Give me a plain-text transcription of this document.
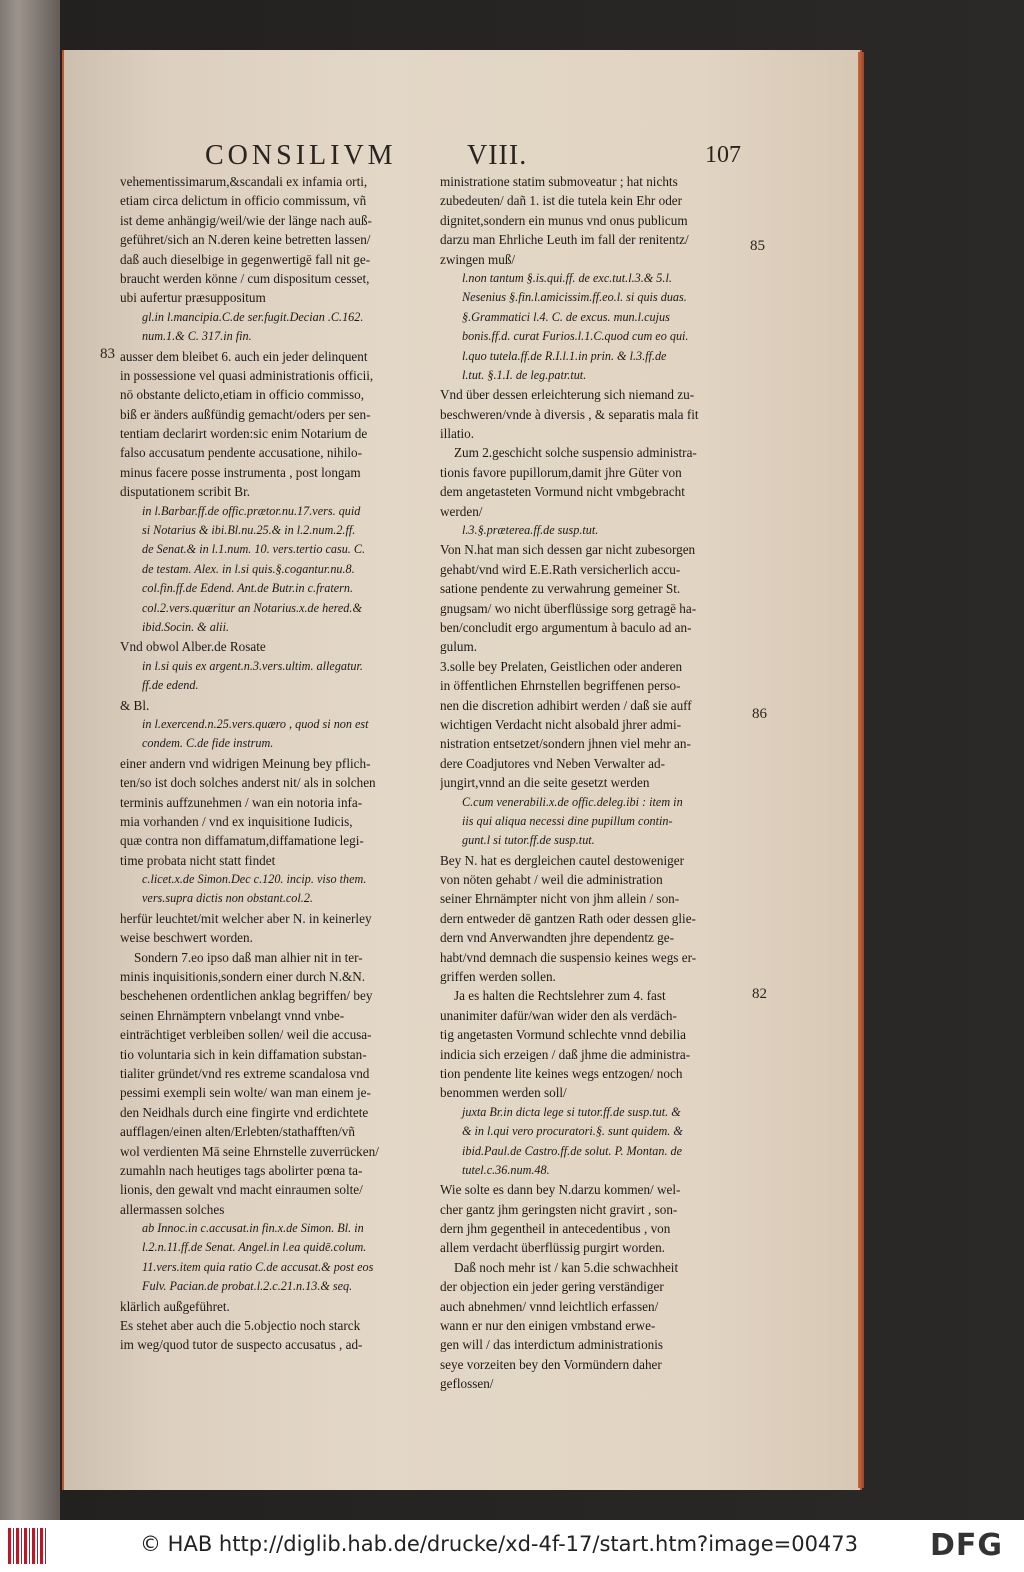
CONSILIVM	VIII.	107
vehementissimarum,&scandali ex infamia orti,
etiam circa delictum in officio commissum, vñ
ist deme anhängig/weil/wie der länge nach auß-
geführet/sich an N.deren keine betretten lassen/
daß auch dieselbige in gegenwertigē fall nit ge-
braucht werden könne / cum dispositum cesset,
ubi aufertur præsuppositum
gl.in l.mancipia.C.de ser.fugit.Decian .C.162.
num.1.& C. 317.in fin.
ausser dem bleibet 6. auch ein jeder delinquent
in possessione vel quasi administrationis officii,
nō obstante delicto,etiam in officio commisso,
biß er änders außfündig gemacht/oders per sen-
tentiam declarirt worden:sic enim Notarium de
falso accusatum pendente accusatione, nihilo-
minus facere posse instrumenta , post longam
disputationem scribit Br.
in l.Barbar.ff.de offic.prætor.nu.17.vers. quid
si Notarius & ibi.Bl.nu.25.& in l.2.num.2.ff.
de Senat.& in l.1.num. 10. vers.tertio casu. C.
de testam. Alex. in l.si quis.§.cogantur.nu.8.
col.fin.ff.de Edend. Ant.de Butr.in c.fratern.
col.2.vers.quæritur an Notarius.x.de hered.&
ibid.Socin. & alii.
Vnd obwol Alber.de Rosate
in l.si quis ex argent.n.3.vers.ultim. allegatur.
ff.de edend.
& Bl.
in l.exercend.n.25.vers.quæro , quod si non est
condem. C.de fide instrum.
einer andern vnd widrigen Meinung bey pflich-
ten/so ist doch solches anderst nit/ als in solchen
terminis auffzunehmen / wan ein notoria infa-
mia vorhanden / vnd ex inquisitione Iudicis,
quæ contra non diffamatum,diffamatione legi-
time probata nicht statt findet
c.licet.x.de Simon.Dec c.120. incip. viso them.
vers.supra dictis non obstant.col.2.
herfür leuchtet/mit welcher aber N. in keinerley
weise beschwert worden.
Sondern 7.eo ipso daß man alhier nit in ter-
minis inquisitionis,sondern einer durch N.&N.
beschehenen ordentlichen anklag begriffen/ bey
seinen Ehrnämptern vnbelangt vnnd vnbe-
einträchtiget verbleiben sollen/ weil die accusa-
tio voluntaria sich in kein diffamation substan-
tialiter gründet/vnd res extreme scandalosa vnd
pessimi exempli sein wolte/ wan man einem je-
den Neidhals durch eine fingirte vnd erdichtete
aufflagen/einen alten/Erlebten/stathafften/vñ
wol verdienten Mā seine Ehrnstelle zuverrücken/
zumahln nach heutiges tags abolirter pœna ta-
lionis, den gewalt vnd macht einraumen solte/
allermassen solches
ab Innoc.in c.accusat.in fin.x.de Simon. Bl. in
l.2.n.11.ff.de Senat. Angel.in l.ea quidē.colum.
11.vers.item quia ratio C.de accusat.& post eos
Fulv. Pacian.de probat.l.2.c.21.n.13.& seq.
klärlich außgeführet.
Es stehet aber auch die 5.objectio noch starck
im weg/quod tutor de suspecto accusatus , ad-
ministratione statim submoveatur ; hat nichts
zubedeuten/ dañ 1. ist die tutela kein Ehr oder
dignitet,sondern ein munus vnd onus publicum
darzu man Ehrliche Leuth im fall der renitentz/
zwingen muß/
l.non tantum §.is.qui.ff. de exc.tut.l.3.& 5.l.
Nesenius §.fin.l.amicissim.ff.eo.l. si quis duas.
§.Grammatici l.4. C. de excus. mun.l.cujus
bonis.ff.d. curat Furios.l.1.C.quod cum eo qui.
l.quo tutela.ff.de R.I.l.1.in prin. & l.3.ff.de
l.tut. §.1.I. de leg.patr.tut.
Vnd über dessen erleichterung sich niemand zu-
beschweren/vnde à diversis , & separatis mala fit
illatio.
Zum 2.geschicht solche suspensio administra-
tionis favore pupillorum,damit jhre Güter von
dem angetasteten Vormund nicht vmbgebracht
werden/
l.3.§.præterea.ff.de susp.tut.
Von N.hat man sich dessen gar nicht zubesorgen
gehabt/vnd wird E.E.Rath versicherlich accu-
satione pendente zu verwahrung gemeiner St.
gnugsam/ wo nicht überflüssige sorg getragē ha-
ben/concludit ergo argumentum à baculo ad an-
gulum.
3.solle bey Prelaten, Geistlichen oder anderen
in öffentlichen Ehrnstellen begriffenen perso-
nen die discretion adhibirt werden / daß sie auff
wichtigen Verdacht nicht alsobald jhrer admi-
nistration entsetzet/sondern jhnen viel mehr an-
dere Coadjutores vnd Neben Verwalter ad-
jungirt,vnnd an die seite gesetzt werden
C.cum venerabili.x.de offic.deleg.ibi : item in
iis qui aliqua necessi dine pupillum contin-
gunt.l si tutor.ff.de susp.tut.
Bey N. hat es dergleichen cautel destoweniger
von nöten gehabt / weil die administration
seiner Ehrnämpter nicht von jhm allein / son-
dern entweder dē gantzen Rath oder dessen glie-
dern vnd Anverwandten jhre dependentz ge-
habt/vnd demnach die suspensio keines wegs er-
griffen werden sollen.
Ja es halten die Rechtslehrer zum 4. fast
unanimiter dafür/wan wider den als verdäch-
tig angetasten Vormund schlechte vnnd debilia
indicia sich erzeigen / daß jhme die administra-
tion pendente lite keines wegs entzogen/ noch
benommen werden soll/
juxta Br.in dicta lege si tutor.ff.de susp.tut. &
& in l.qui vero procuratori.§. sunt quidem. &
ibid.Paul.de Castro.ff.de solut. P. Montan. de
tutel.c.36.num.48.
Wie solte es dann bey N.darzu kommen/ wel-
cher gantz jhm geringsten nicht gravirt , son-
dern jhm gegentheil in antecedentibus , von
allem verdacht überflüssig purgirt worden.
Daß noch mehr ist / kan 5.die schwachheit
der objection ein jeder gering verständiger
auch abnehmen/ vnnd leichtlich erfassen/
wann er nur den einigen vmbstand erwe-
gen will / das interdictum administrationis
seye vorzeiten bey den Vormündern daher
geflossen/
83
85
86
82
© HAB http://diglib.hab.de/drucke/xd-4f-17/start.htm?image=00473 DFG
